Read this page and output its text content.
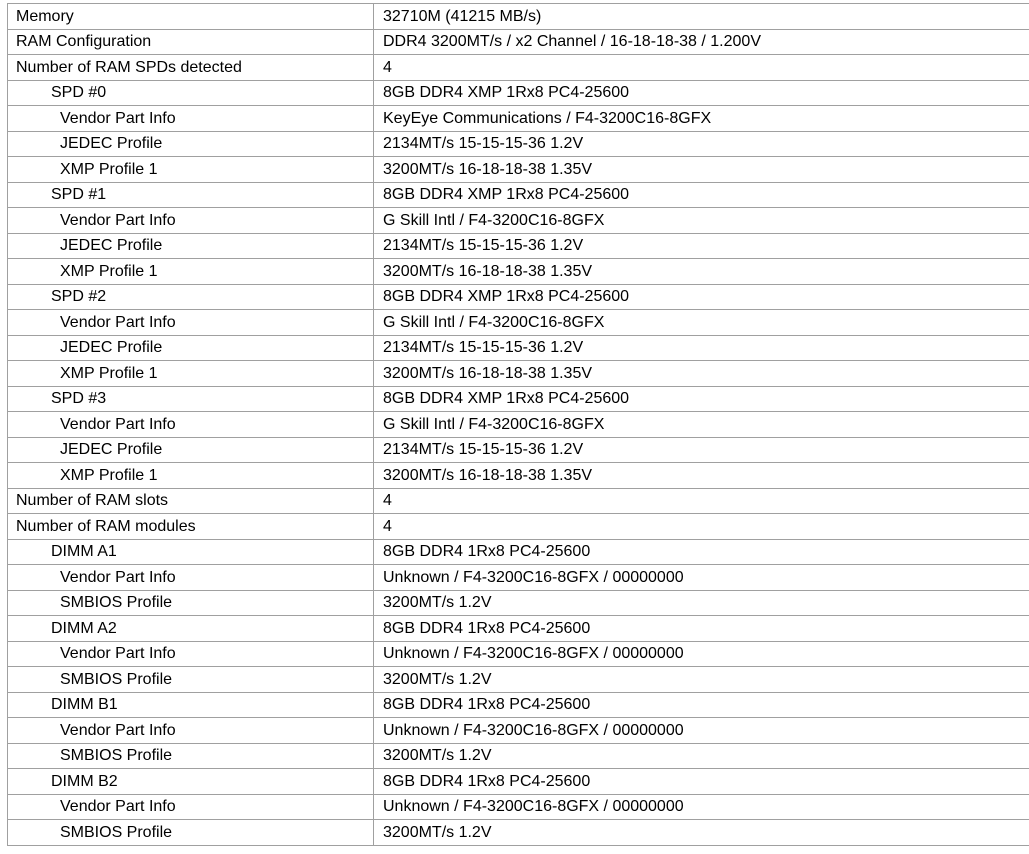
Memory	32710M (41215 MB/s)
RAM Configuration	DDR4 3200MT/s / x2 Channel / 16-18-18-38 / 1.200V
Number of RAM SPDs detected	4
SPD #0	8GB DDR4 XMP 1Rx8 PC4-25600
Vendor Part Info	KeyEye Communications / F4-3200C16-8GFX
JEDEC Profile	2134MT/s 15-15-15-36 1.2V
XMP Profile 1	3200MT/s 16-18-18-38 1.35V
SPD #1	8GB DDR4 XMP 1Rx8 PC4-25600
Vendor Part Info	G Skill Intl / F4-3200C16-8GFX
JEDEC Profile	2134MT/s 15-15-15-36 1.2V
XMP Profile 1	3200MT/s 16-18-18-38 1.35V
SPD #2	8GB DDR4 XMP 1Rx8 PC4-25600
Vendor Part Info	G Skill Intl / F4-3200C16-8GFX
JEDEC Profile	2134MT/s 15-15-15-36 1.2V
XMP Profile 1	3200MT/s 16-18-18-38 1.35V
SPD #3	8GB DDR4 XMP 1Rx8 PC4-25600
Vendor Part Info	G Skill Intl / F4-3200C16-8GFX
JEDEC Profile	2134MT/s 15-15-15-36 1.2V
XMP Profile 1	3200MT/s 16-18-18-38 1.35V
Number of RAM slots	4
Number of RAM modules	4
DIMM A1	8GB DDR4 1Rx8 PC4-25600
Vendor Part Info	Unknown / F4-3200C16-8GFX / 00000000
SMBIOS Profile	3200MT/s 1.2V
DIMM A2	8GB DDR4 1Rx8 PC4-25600
Vendor Part Info	Unknown / F4-3200C16-8GFX / 00000000
SMBIOS Profile	3200MT/s 1.2V
DIMM B1	8GB DDR4 1Rx8 PC4-25600
Vendor Part Info	Unknown / F4-3200C16-8GFX / 00000000
SMBIOS Profile	3200MT/s 1.2V
DIMM B2	8GB DDR4 1Rx8 PC4-25600
Vendor Part Info	Unknown / F4-3200C16-8GFX / 00000000
SMBIOS Profile	3200MT/s 1.2V
